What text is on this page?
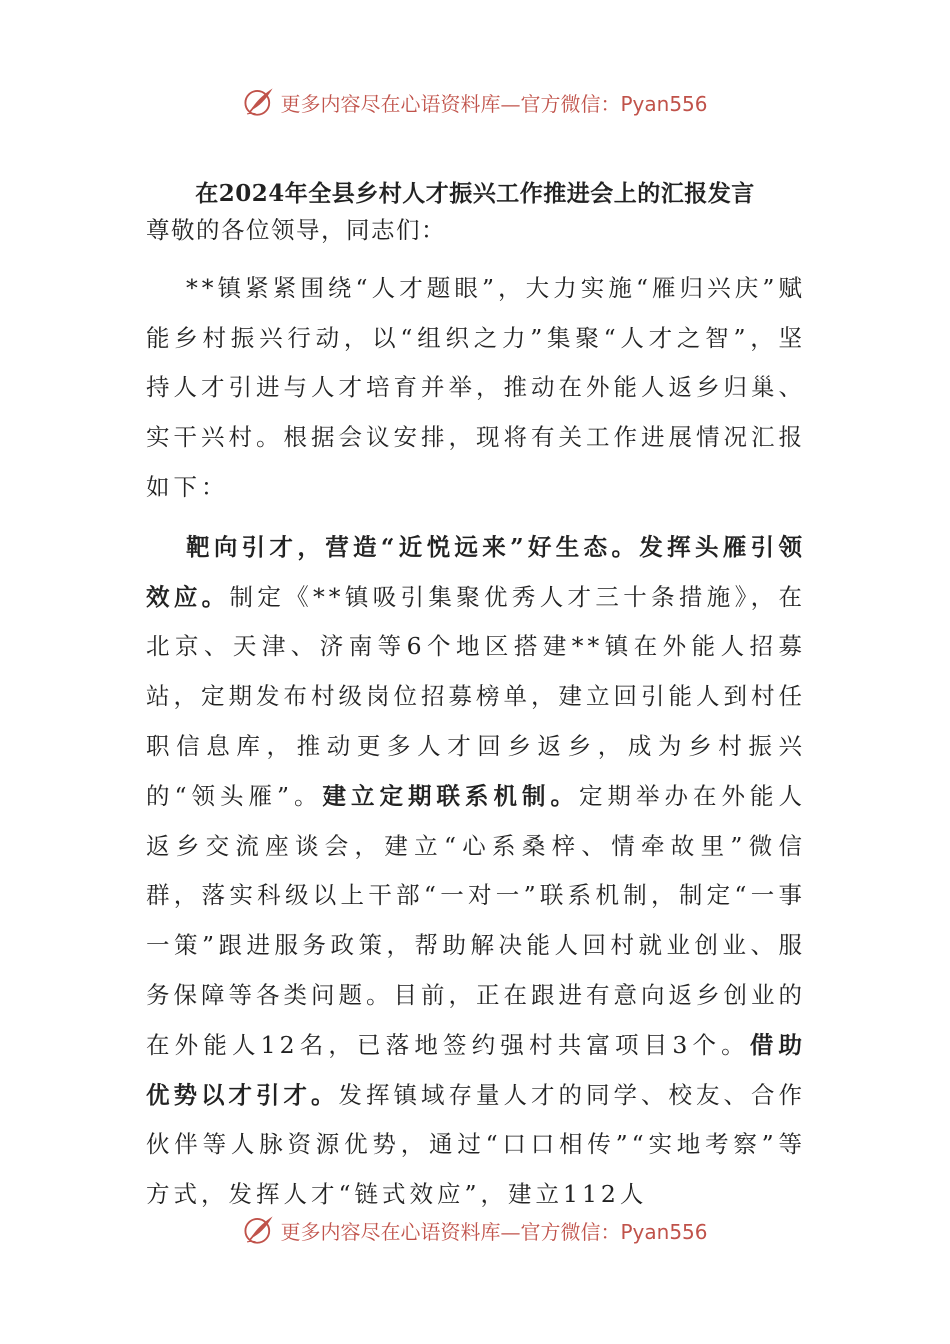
更多内容尽在心语资料库—官方微信：Pyan556
在2024年全县乡村人才振兴工作推进会上的汇报发言

尊敬的各位领导，同志们：

**镇紧紧围绕“人才题眼”，大力实施“雁归兴庆”赋能乡村振兴行动，以“组织之力”集聚“人才之智”，坚持人才引进与人才培育并举，推动在外能人返乡归巢、实干兴村。根据会议安排，现将有关工作进展情况汇报如下：

靶向引才，营造“近悦远来”好生态。发挥头雁引领效应。制定《**镇吸引集聚优秀人才三十条措施》，在北京、天津、济南等6个地区搭建**镇在外能人招募站，定期发布村级岗位招募榜单，建立回引能人到村任职信息库，推动更多人才回乡返乡，成为乡村振兴的“领头雁”。建立定期联系机制。定期举办在外能人返乡交流座谈会，建立“心系桑梓、情牵故里”微信群，落实科级以上干部“一对一”联系机制，制定“一事一策”跟进服务政策，帮助解决能人回村就业创业、服务保障等各类问题。目前，正在跟进有意向返乡创业的在外能人12名，已落地签约强村共富项目3个。借助优势以才引才。发挥镇域存量人才的同学、校友、合作伙伴等人脉资源优势，通过“口口相传”“实地考察”等方式，发挥人才“链式效应”，建立112人

更多内容尽在心语资料库—官方微信：Pyan556
